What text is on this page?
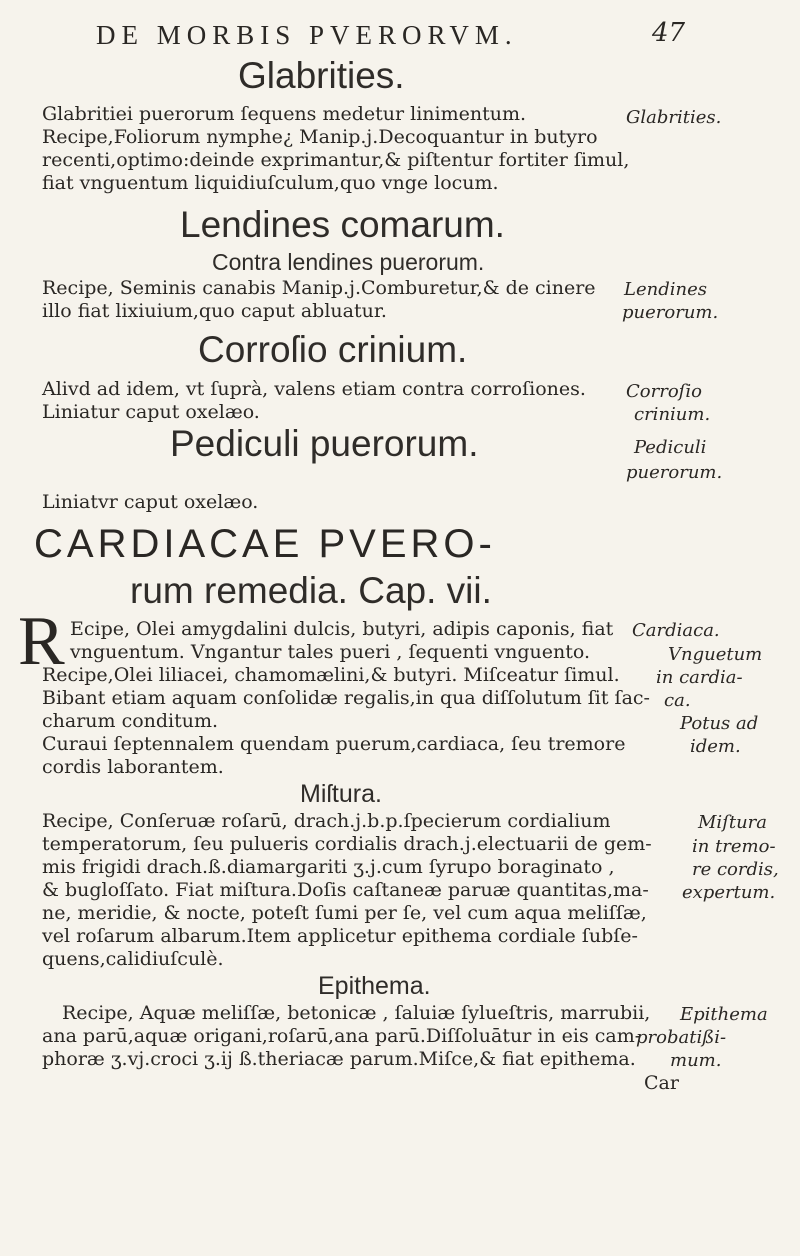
DE MORBIS PVERORVM.	47
Glabrities.
Glabritiei puerorum ſequens medetur linimentum.
Recipe,Foliorum nymphe¿ Manip.j.Decoquantur in butyro
recenti,optimo:deinde exprimantur,& piſtentur fortiter ſimul,
fiat vnguentum liquidiuſculum,quo vnge locum.
Glabrities.
Lendines comarum.
Contra lendines puerorum.
Recipe, Seminis canabis Manip.j.Comburetur,& de cinere
illo fiat lixiuium,quo caput abluatur.
Lendines
puerorum.
Corroſio crinium.
Alivd ad idem, vt ſuprà, valens etiam contra corroſiones.
Liniatur caput oxelæo.
Corroſio
crinium.
Pediculi puerorum.
Liniatvr caput oxelæo.
Pediculi
puerorum.
CARDIACAE PVERO-
rum remedia. Cap. vii.
R Ecipe, Olei amygdalini dulcis, butyri, adipis caponis, fiat
vnguentum. Vngantur tales pueri , ſequenti vnguento.
Recipe,Olei liliacei, chamomælini,& butyri. Miſceatur ſimul.
Bibant etiam aquam conſolidæ regalis,in qua diſſolutum ſit ſac-
charum conditum.
Curaui ſeptennalem quendam puerum,cardiaca, ſeu tremore
cordis laborantem.
Cardiaca.
Vnguetum
in cardia-
ca.
Potus ad
idem.
Miſtura.
Recipe, Conſeruæ roſarū, drach.j.b.p.ſpecierum cordialium
temperatorum, ſeu pulueris cordialis drach.j.electuarii de gem-
mis frigidi drach.ß.diamargariti ʒ.j.cum ſyrupo boraginato ,
& bugloſſato. Fiat miſtura.Doſis caſtaneæ paruæ quantitas,ma-
ne, meridie, & nocte, poteſt ſumi per ſe, vel cum aqua meliſſæ,
vel roſarum albarum.Item applicetur epithema cordiale ſubſe-
quens,calidiuſculè.
Miſtura
in tremo-
re cordis,
expertum.
Epithema.
Recipe, Aquæ meliſſæ, betonicæ , ſaluiæ ſylueſtris, marrubii,
ana parū,aquæ origani,roſarū,ana parū.Diſſoluātur in eis cam-
phoræ ʒ.vj.croci ʒ.ij ß.theriacæ parum.Miſce,& fiat epithema.
Epithema
probatißi-
mum.
Car
